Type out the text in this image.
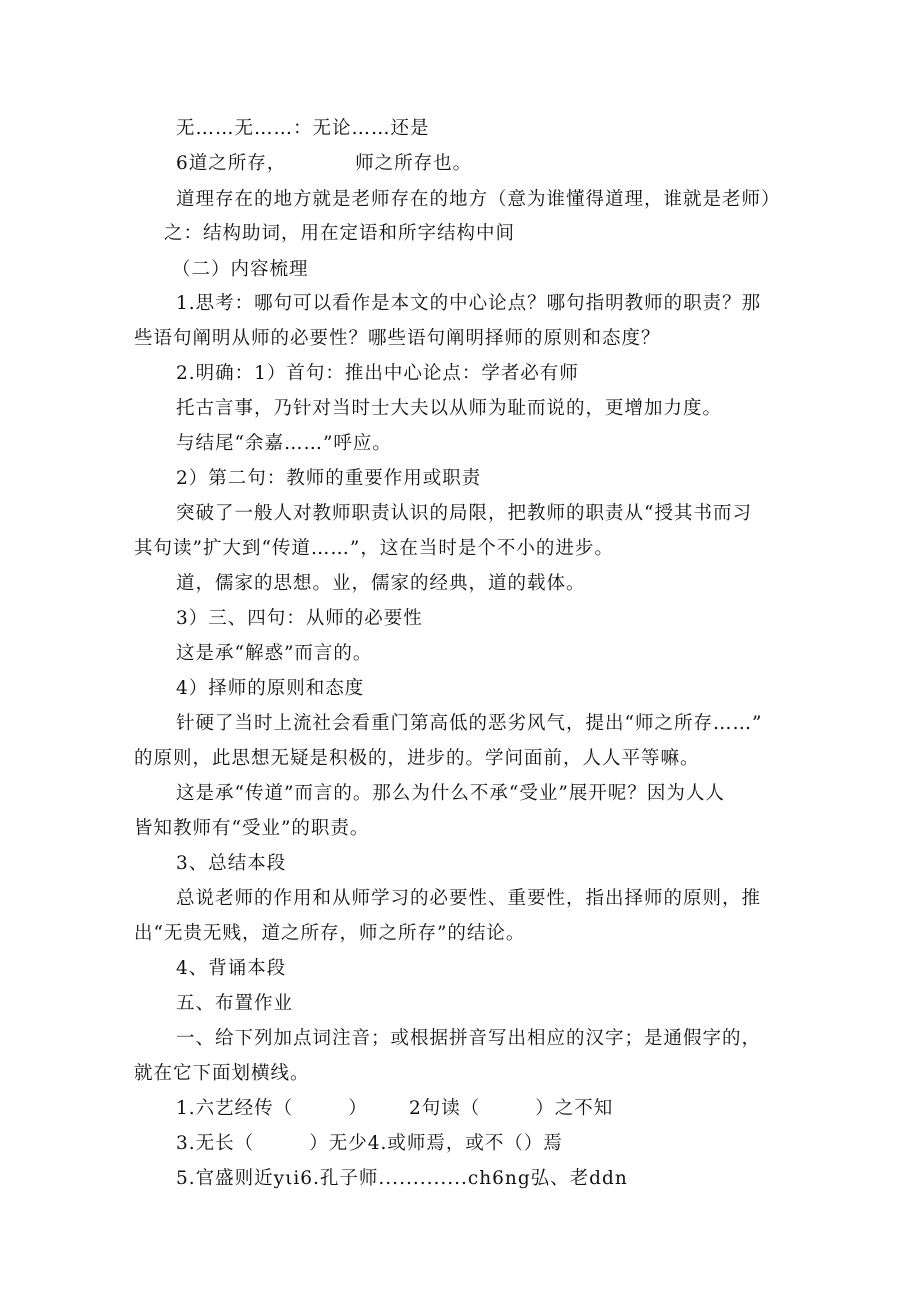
无……无……：无论……还是
6道之所存，          师之所存也。
道理存在的地方就是老师存在的地方（意为谁懂得道理，谁就是老师）
之：结构助词，用在定语和所字结构中间
（二）内容梳理
1.思考：哪句可以看作是本文的中心论点？哪句指明教师的职责？那
些语句阐明从师的必要性？哪些语句阐明择师的原则和态度？
2.明确：1）首句：推出中心论点：学者必有师
托古言事，乃针对当时士大夫以从师为耻而说的，更增加力度。
与结尾“余嘉……”呼应。
2）第二句：教师的重要作用或职责
突破了一般人对教师职责认识的局限，把教师的职责从“授其书而习
其句读”扩大到“传道……”，这在当时是个不小的进步。
道，儒家的思想。业，儒家的经典，道的载体。
3）三、四句：从师的必要性
这是承“解惑”而言的。
4）择师的原则和态度
针硬了当时上流社会看重门第高低的恶劣风气，提出“师之所存……”
的原则，此思想无疑是积极的，进步的。学问面前，人人平等嘛。
这是承“传道”而言的。那么为什么不承“受业”展开呢？因为人人
皆知教师有“受业”的职责。
3、总结本段
总说老师的作用和从师学习的必要性、重要性，指出择师的原则，推
出“无贵无贱，道之所存，师之所存”的结论。
4、背诵本段
五、布置作业
一、给下列加点词注音；或根据拼音写出相应的汉字；是通假字的，
就在它下面划横线。
1.六艺经传（        ）      2句读（        ）之不知
3.无长（        ）无少4.或师焉，或不（）焉
5.官盛则近yιi6.孔子师.............ch6ng弘、老ddn
